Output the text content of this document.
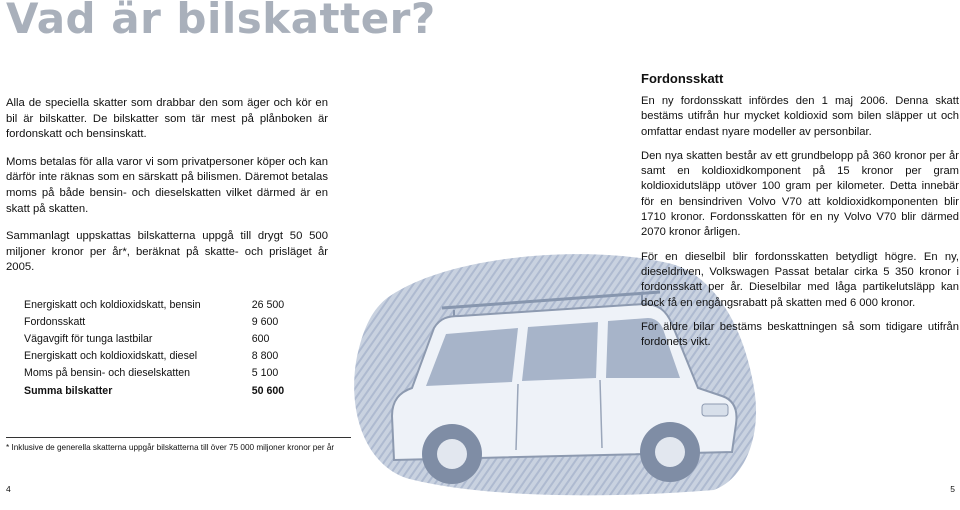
Vad är bilskatter?

Alla de speciella skatter som drabbar den som äger och kör en bil är bilskatter. De bilskatter som tär mest på plånboken är fordonskatt och bensinskatt.

Moms betalas för alla varor vi som privatpersoner köper och kan därför inte räknas som en särskatt på bilismen. Däremot betalas moms på både bensin- och dieselskatten vilket därmed är en skatt på skatten.

Sammanlagt uppskattas bilskatterna uppgå till drygt 50 500 miljoner kronor per år*, beräknat på skatte- och prisläget år 2005.

Energiskatt och koldioxidskatt, bensin	26 500
Fordonsskatt	9 600
Vägavgift för tunga lastbilar	600
Energiskatt och koldioxidskatt, diesel	8 800
Moms på bensin- och dieselskatten	5 100
Summa bilskatter	50 600
* Inklusive de generella skatterna uppgår bilskatterna till över 75 000 miljoner kronor per år
4	5
Fordonsskatt

En ny fordonsskatt infördes den 1 maj 2006. Denna skatt bestäms utifrån hur mycket koldioxid som bilen släpper ut och omfattar endast nyare modeller av personbilar.

Den nya skatten består av ett grundbelopp på 360 kronor per år samt en koldioxidkomponent på 15 kronor per gram koldioxidutsläpp utöver 100 gram per kilometer. Detta innebär för en bensindriven Volvo V70 att koldioxidkomponenten blir 1710 kronor. Fordonsskatten för en ny Volvo V70 blir därmed 2070 kronor årligen.

För en dieselbil blir fordonsskatten betydligt högre. En ny, dieseldriven, Volkswagen Passat betalar cirka 5 350 kronor i fordonsskatt per år. Dieselbilar med låga partikelutsläpp kan dock få en engångsrabatt på skatten med 6 000 kronor.

För äldre bilar bestäms beskattningen så som tidigare utifrån fordonets vikt.
